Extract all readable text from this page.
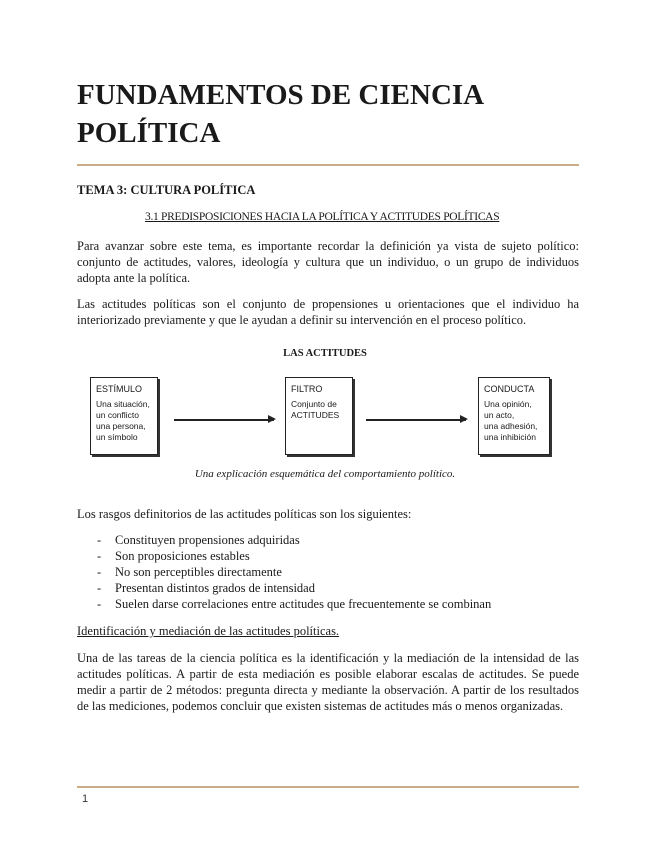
FUNDAMENTOS DE CIENCIA POLÍTICA
TEMA 3: CULTURA POLÍTICA
3.1 PREDISPOSICIONES HACIA LA POLÍTICA Y ACTITUDES POLÍTICAS

Para avanzar sobre este tema, es importante recordar la definición ya vista de sujeto político: conjunto de actitudes, valores, ideología y cultura que un individuo, o un grupo de individuos adopta ante la política.

Las actitudes políticas son el conjunto de propensiones u orientaciones que el individuo ha interiorizado previamente y que le ayudan a definir su intervención en el proceso político.

LAS ACTITUDES
ESTÍMULO
Una situación,
un conflicto
una persona,
un símbolo
FILTRO
Conjunto de
ACTITUDES
CONDUCTA
Una opinión,
un acto,
una adhesión,
una inhibición
Una explicación esquemática del comportamiento político.

Los rasgos definitorios de las actitudes políticas son los siguientes:

- Constituyen propensiones adquiridas
- Son proposiciones estables
- No son perceptibles directamente
- Presentan distintos grados de intensidad
- Suelen darse correlaciones entre actitudes que frecuentemente se combinan
Identificación y mediación de las actitudes políticas.

Una de las tareas de la ciencia política es la identificación y la mediación de la intensidad de las actitudes políticas. A partir de esta mediación es posible elaborar escalas de actitudes. Se puede medir a partir de 2 métodos: pregunta directa y mediante la observación. A partir de los resultados de las mediciones, podemos concluir que existen sistemas de actitudes más o menos organizadas.

1
